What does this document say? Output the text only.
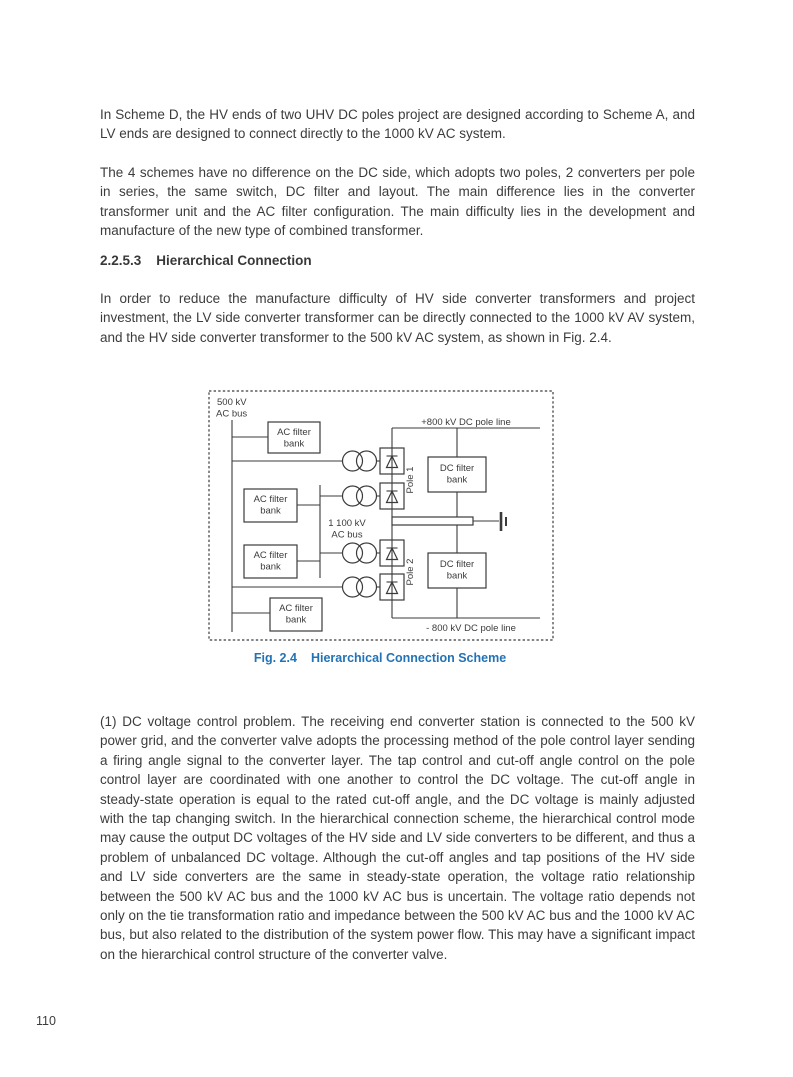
In Scheme D, the HV ends of two UHV DC poles project are designed according to Scheme A, and LV ends are designed to connect directly to the 1000 kV AC system.

The 4 schemes have no difference on the DC side, which adopts two poles, 2 converters per pole in series, the same switch, DC filter and layout. The main difference lies in the converter transformer unit and the AC filter configuration. The main difficulty lies in the development and manufacture of the new type of combined transformer.

2.2.5.3 Hierarchical Connection

In order to reduce the manufacture difficulty of HV side converter transformers and project investment, the LV side converter transformer can be directly connected to the 1000 kV AV system, and the HV side converter transformer to the 500 kV AC system, as shown in Fig. 2.4.

500 kV
AC bus
AC filter
bank
+800 kV DC pole line
DC filter
bank
Pole 1
1 100 kV
AC bus
AC filter
bank
AC filter
bank	Pole 2	DC filter
bank
- 800 kV DC pole line
AC filter
bank
Fig. 2.4 Hierarchical Connection Scheme

(1) DC voltage control problem. The receiving end converter station is connected to the 500 kV power grid, and the converter valve adopts the processing method of the pole control layer sending a firing angle signal to the converter layer. The tap control and cut-off angle control on the pole control layer are coordinated with one another to control the DC voltage. The cut-off angle in steady-state operation is equal to the rated cut-off angle, and the DC voltage is mainly adjusted with the tap changing switch. In the hierarchical connection scheme, the hierarchical control mode may cause the output DC voltages of the HV side and LV side converters to be different, and thus a problem of unbalanced DC voltage. Although the cut-off angles and tap positions of the HV side and LV side converters are the same in steady-state operation, the voltage ratio relationship between the 500 kV AC bus and the 1000 kV AC bus is uncertain. The voltage ratio depends not only on the tie transformation ratio and impedance between the 500 kV AC bus and the 1000 kV AC bus, but also related to the distribution of the system power flow. This may have a significant impact on the hierarchical control structure of the converter valve.

110
